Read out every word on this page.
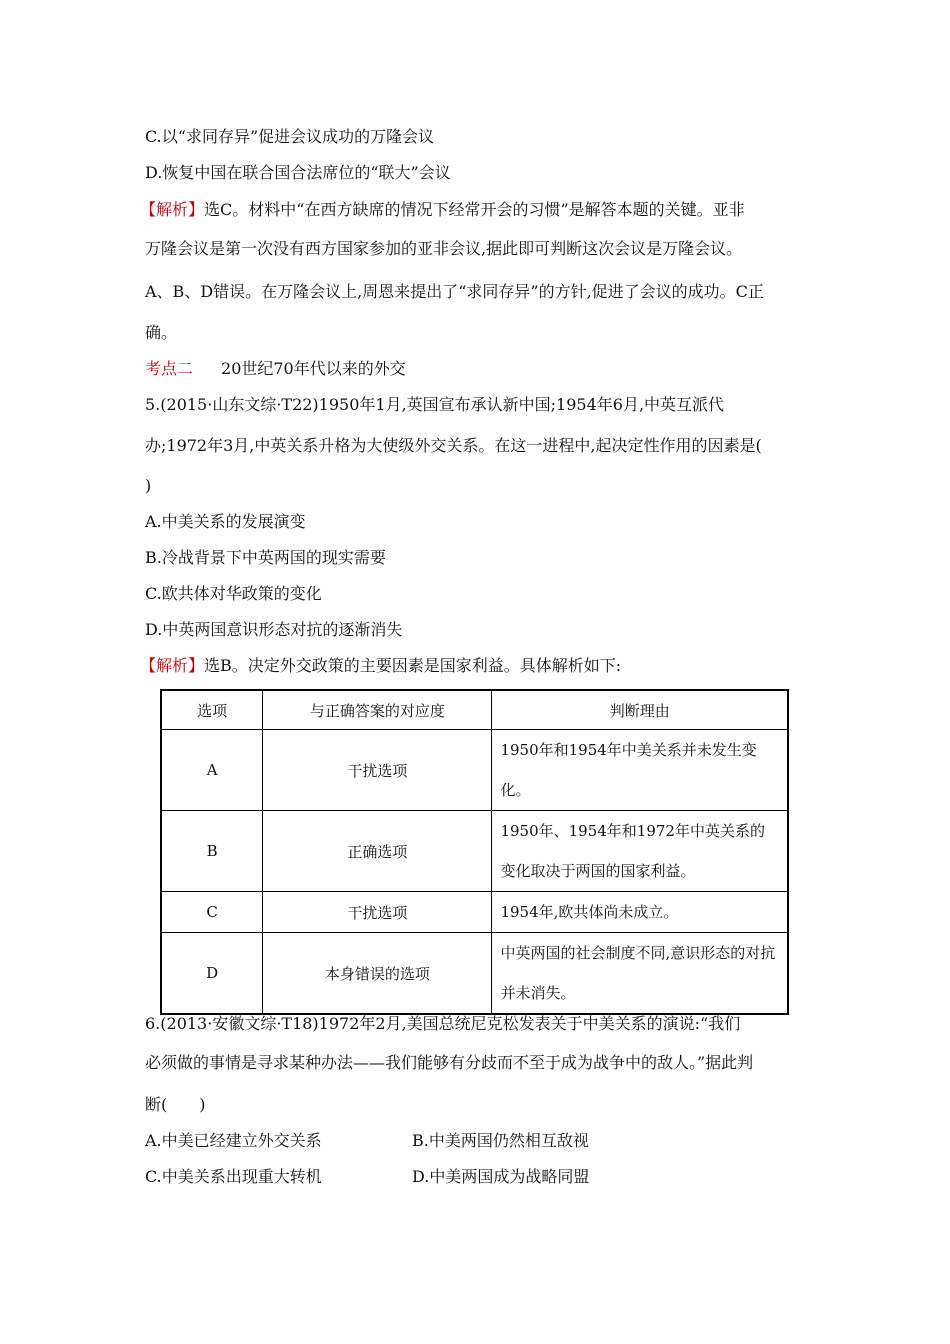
C.以“求同存异”促进会议成功的万隆会议
D.恢复中国在联合国合法席位的“联大”会议
【解析】选C。材料中“在西方缺席的情况下经常开会的习惯”是解答本题的关键。亚非
万隆会议是第一次没有西方国家参加的亚非会议,据此即可判断这次会议是万隆会议。
A、B、D错误。在万隆会议上,周恩来提出了“求同存异”的方针,促进了会议的成功。C正
确。
考点二 20世纪70年代以来的外交
5.(2015·山东文综·T22)1950年1月,英国宣布承认新中国;1954年6月,中英互派代
办;1972年3月,中英关系升格为大使级外交关系。在这一进程中,起决定性作用的因素是(
)
A.中美关系的发展演变
B.冷战背景下中英两国的现实需要
C.欧共体对华政策的变化
D.中英两国意识形态对抗的逐渐消失
【解析】选B。决定外交政策的主要因素是国家利益。具体解析如下:
选项	与正确答案的对应度	判断理由
A	干扰选项	1950年和1954年中美关系并未发生变化。
B	正确选项	1950年、1954年和1972年中英关系的变化取决于两国的国家利益。
C	干扰选项	1954年,欧共体尚未成立。
D	本身错误的选项	中英两国的社会制度不同,意识形态的对抗并未消失。
6.(2013·安徽文综·T18)1972年2月,美国总统尼克松发表关于中美关系的演说:“我们
必须做的事情是寻求某种办法——我们能够有分歧而不至于成为战争中的敌人。”据此判
断(　　)
A.中美已经建立外交关系	B.中美两国仍然相互敌视
C.中美关系出现重大转机	D.中美两国成为战略同盟
